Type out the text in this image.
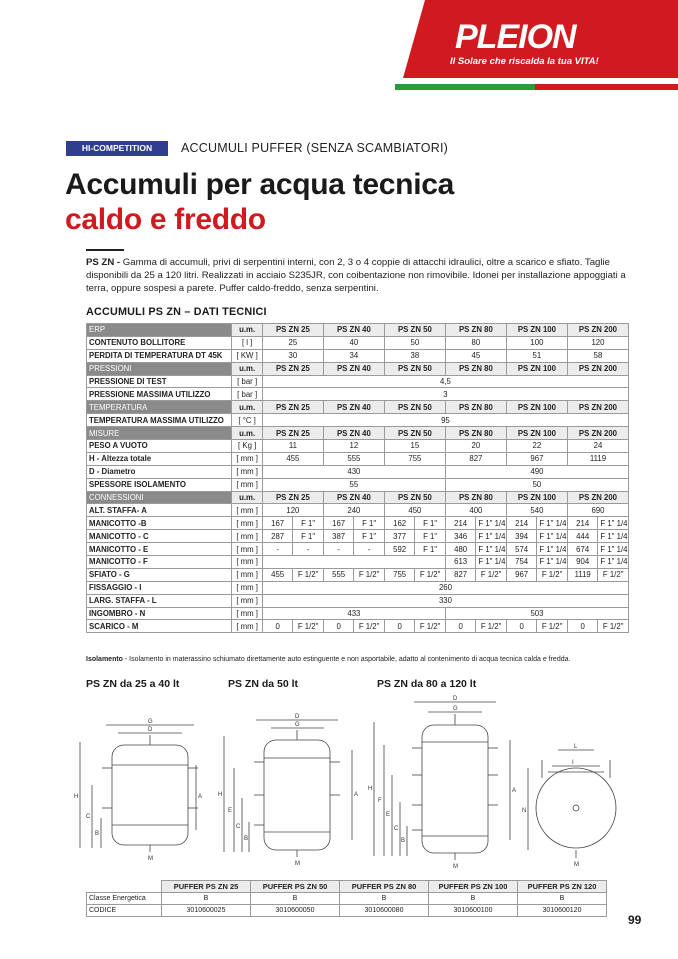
PLEION
Il Solare che riscalda la tua VITA!
HI-COMPETITION	ACCUMULI PUFFER (SENZA SCAMBIATORI)
Accumuli per acqua tecnica
caldo e freddo
PS ZN - Gamma di accumuli, privi di serpentini interni, con 2, 3 o 4 coppie di attacchi idraulici, oltre a scarico e sfiato. Taglie disponibili da 25 a 120 litri. Realizzati in acciaio S235JR, con coibentazione non rimovibile. Idonei per installazione appoggiati a terra, oppure sospesi a parete. Puffer caldo-freddo, senza serpentini.
ACCUMULI PS ZN – DATI TECNICI
ERP	u.m.	PS ZN 25		PS ZN 40		PS ZN 50		PS ZN 80		PS ZN 100		PS ZN 200	
CONTENUTO BOLLITORE	[ l ]	25		40		50		80		100		120	
PERDITA DI TEMPERATURA DT 45K	[ KW ]	30		34		38		45		51		58	
PRESSIONI	u.m.	PS ZN 25		PS ZN 40		PS ZN 50		PS ZN 80		PS ZN 100		PS ZN 200	
PRESSIONE DI TEST	[ bar ]	4,5											
PRESSIONE MASSIMA UTILIZZO	[ bar ]	3											
TEMPERATURA	u.m.	PS ZN 25		PS ZN 40		PS ZN 50		PS ZN 80		PS ZN 100		PS ZN 200	
TEMPERATURA MASSIMA UTILIZZO	[ °C ]	95											
MISURE	u.m.	PS ZN 25		PS ZN 40		PS ZN 50		PS ZN 80		PS ZN 100		PS ZN 200	
PESO A VUOTO	[ Kg ]	11		12		15		20		22		24	
H - Altezza totale	[ mm ]	455		555		755		827		967		1119	
D - Diametro	[ mm ]	430						490					
SPESSORE ISOLAMENTO	[ mm ]	55						50					
CONNESSIONI	u.m.	PS ZN 25		PS ZN 40		PS ZN 50		PS ZN 80		PS ZN 100		PS ZN 200	
ALT. STAFFA- A	[ mm ]	120		240		450		400		540		690	
MANICOTTO -B	[ mm ]	167	F 1"	167	F 1"	162	F 1"	214	F 1" 1/4	214	F 1" 1/4	214	F 1" 1/4
MANICOTTO - C	[ mm ]	287	F 1"	387	F 1"	377	F 1"	346	F 1" 1/4	394	F 1" 1/4	444	F 1" 1/4
MANICOTTO - E	[ mm ]	-	-	-	-	592	F 1"	480	F 1" 1/4	574	F 1" 1/4	674	F 1" 1/4
MANICOTTO - F	[ mm ]							613	F 1" 1/4	754	F 1" 1/4	904	F 1" 1/4
SFIATO - G	[ mm ]	455	F 1/2"	555	F 1/2"	755	F 1/2"	827	F 1/2"	967	F 1/2"	1119	F 1/2"
FISSAGGIO - I	[ mm ]	260											
LARG. STAFFA - L	[ mm ]	330											
INGOMBRO - N	[ mm ]	433						503					
SCARICO - M	[ mm ]	0	F 1/2"	0	F 1/2"	0	F 1/2"	0	F 1/2"	0	F 1/2"	0	F 1/2"
Isolamento - Isolamento in materassino schiumato direttamente auto estinguente e non asportabile, adatto al contenimento di acqua tecnica calda e fredda.
PS ZN da 25 a 40 lt	PS ZN da 50 lt	PS ZN da 80 a 120 lt
D
G
H
C
B
A
M
G
D
H
E
C
B
A
M
D
G
H
F
E
C
B
A
M
L
I
N
M
	PUFFER PS ZN 25	PUFFER PS ZN 50	PUFFER PS ZN 80	PUFFER PS ZN 100	PUFFER PS ZN 120
Classe Energetica	B	B	B	B	B
CODICE	3010600025	3010600050	3010600080	3010600100	3010600120
99
